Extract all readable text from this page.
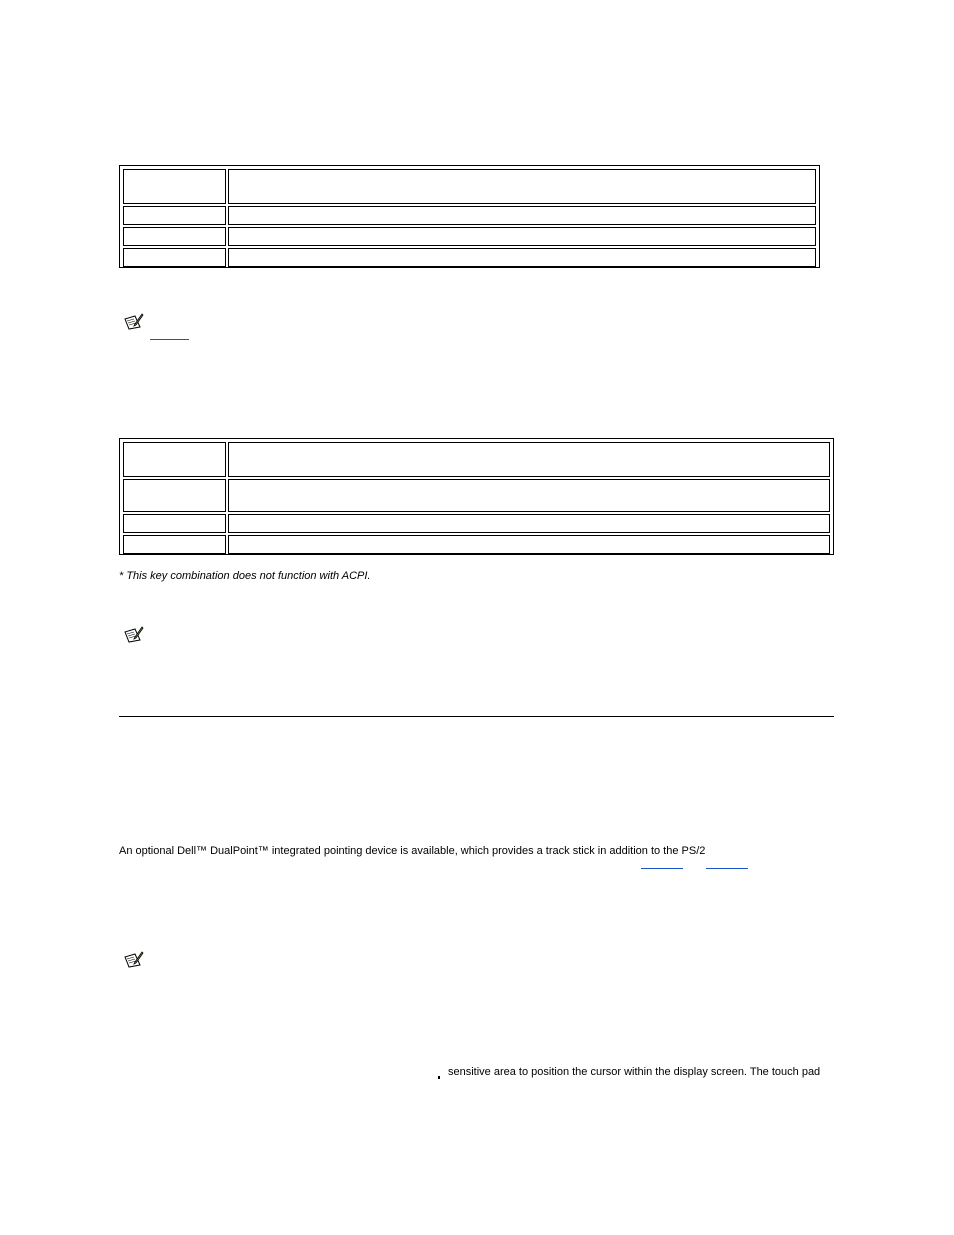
* This key combination does not function with ACPI.
An optional Dell™ DualPoint™ integrated pointing device is available, which provides a track stick in addition to the PS/2
sensitive area to position the cursor within the display screen. The touch pad
